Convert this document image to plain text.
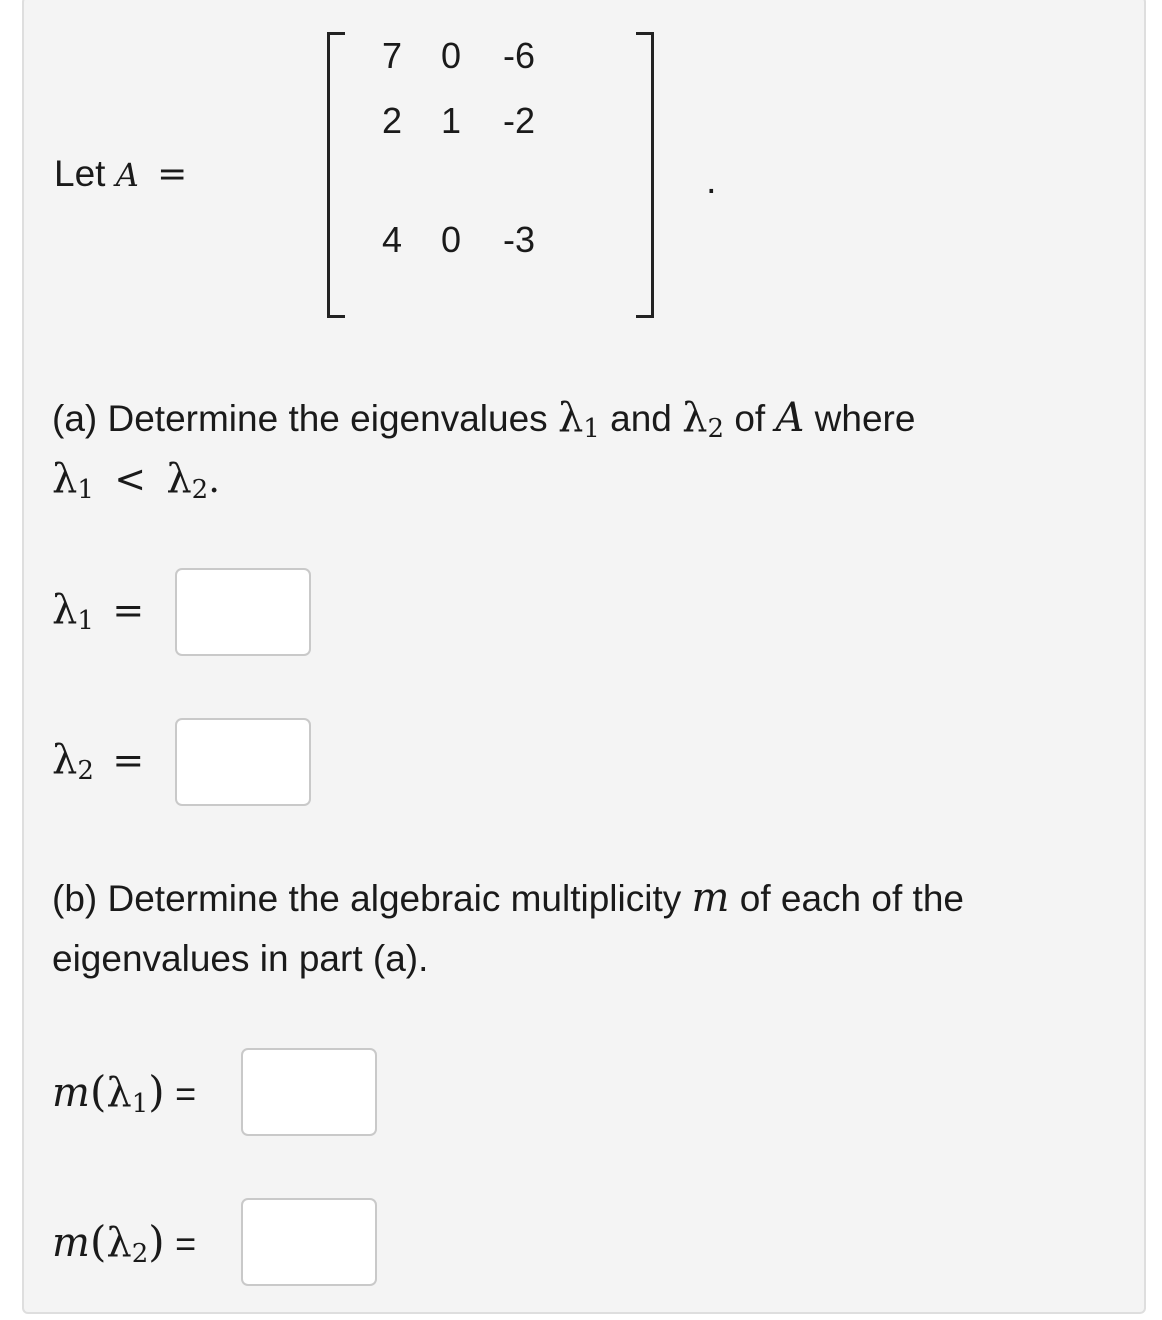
Let A =
7	0	-6
2	1	-2
4	0	-3
.
(a) Determine the eigenvalues $\lambda_1$ and $\lambda_2$ of A where
$\lambda_1 < \lambda_2$.
$\lambda_1$ =
$\lambda_2$ =
(b) Determine the algebraic multiplicity m of each of the
eigenvalues in part (a).
$m(\lambda_1)$ =
$m(\lambda_2)$ =
